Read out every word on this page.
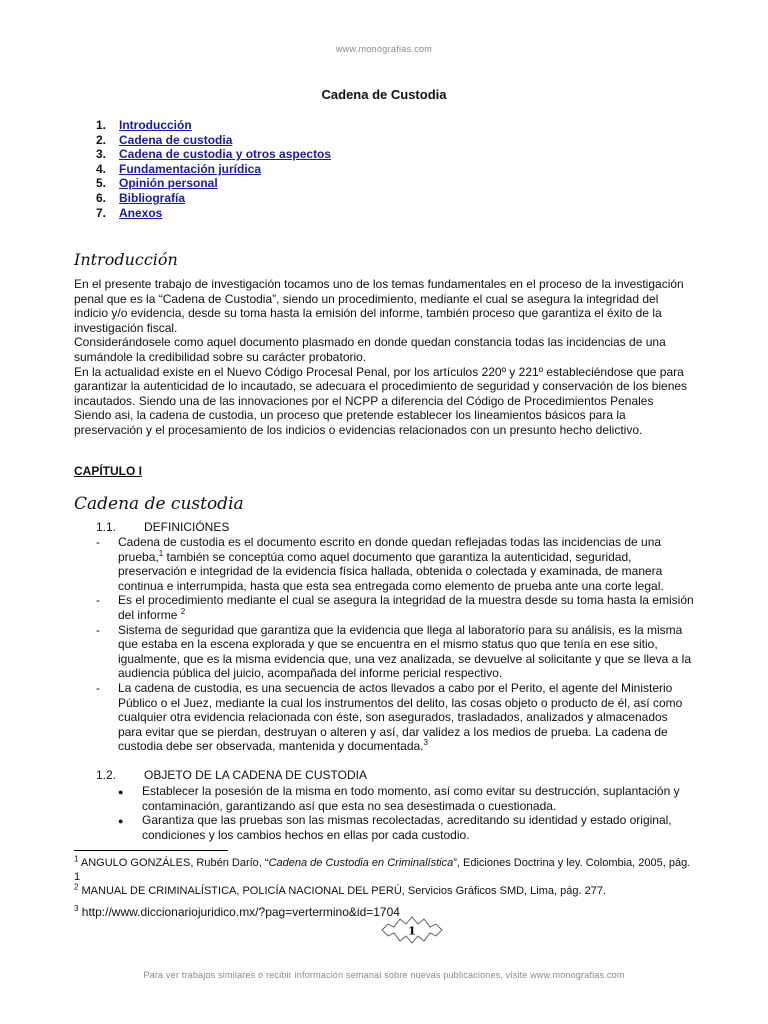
www.monografias.com
Cadena de Custodia
1.	Introducción
2.	Cadena de custodia
3.	Cadena de custodia y otros aspectos
4.	Fundamentación jurídica
5.	Opinión personal
6.	Bibliografía
7.	Anexos
Introducción

En el presente trabajo de investigación tocamos uno de los temas fundamentales en el proceso de la investigación penal que es la “Cadena de Custodia”, siendo un procedimiento, mediante el cual se asegura la integridad del indicio y/o evidencia, desde su toma hasta la emisión del informe, también proceso que garantiza el éxito de la investigación fiscal.

Considerándosele como aquel documento plasmado en donde quedan constancia todas las incidencias de una sumándole la credibilidad sobre su carácter probatorio.

En la actualidad existe en el Nuevo Código Procesal Penal, por los artículos 220º y 221º estableciéndose que para garantizar la autenticidad de lo incautado, se adecuara el procedimiento de seguridad y conservación de los bienes incautados. Siendo una de las innovaciones por el NCPP a diferencia del Código de Procedimientos Penales

Siendo asi, la cadena de custodia, un proceso que pretende establecer los lineamientos básicos para la preservación y el procesamiento de los indicios o evidencias relacionados con un presunto hecho delictivo.

CAPÍTULO I
Cadena de custodia
1.1. DEFINICIÓNES
-	Cadena de custodia es el documento escrito en donde quedan reflejadas todas las incidencias de una prueba,$^1$ también se conceptúa como aquel documento que garantiza la autenticidad, seguridad, preservación e integridad de la evidencia física hallada, obtenida o colectada y examinada, de manera continua e interrumpida, hasta que esta sea entregada como elemento de prueba ante una corte legal.
-	Es el procedimiento mediante el cual se asegura la integridad de la muestra desde su toma hasta la emisión del informe $^2$
-	Sistema de seguridad que garantiza que la evidencia que llega al laboratorio para su análisis, es la misma que estaba en la escena explorada y que se encuentra en el mismo status quo que tenía en ese sitio, igualmente, que es la misma evidencia que, una vez analizada, se devuelve al solicitante y que se lleva a la audiencia pública del juicio, acompañada del informe pericial respectivo.
-	La cadena de custodia, es una secuencia de actos llevados a cabo por el Perito, el agente del Ministerio Público o el Juez, mediante la cual los instrumentos del delito, las cosas objeto o producto de él, así como cualquier otra evidencia relacionada con éste, son asegurados, trasladados, analizados y almacenados para evitar que se pierdan, destruyan o alteren y así, dar validez a los medios de prueba. La cadena de custodia debe ser observada, mantenida y documentada.$^3$
1.2. OBJETO DE LA CADENA DE CUSTODIA
●	Establecer la posesión de la misma en todo momento, así como evitar su destrucción, suplantación y contaminación, garantizando así que esta no sea desestimada o cuestionada.
●	Garantiza que las pruebas son las mismas recolectadas, acreditando su identidad y estado original, condiciones y los cambios hechos en ellas por cada custodio.
$^1$ ANGULO GONZÁLES, Rubén Darío, “Cadena de Custodia en Criminalística”, Ediciones Doctrina y ley. Colombia, 2005, pág. 1
$^2$ MANUAL DE CRIMINALÍSTICA, POLICÍA NACIONAL DEL PERÚ, Servicios Gráficos SMD, Lima, pág. 277.
$^3$ http://www.diccionariojuridico.mx/?pag=vertermino&id=1704
1
Para ver trabajos similares o recibir información semanal sobre nuevas publicaciones, visite www.monografias.com
